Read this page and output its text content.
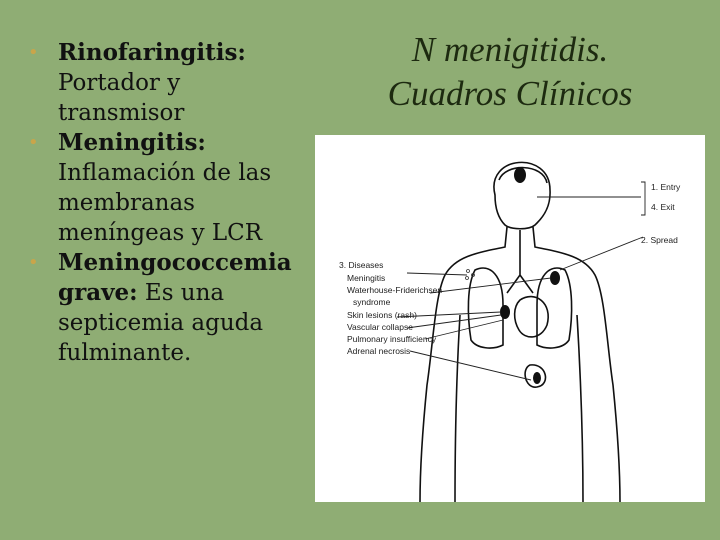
N menigitidis.
Cuadros Clínicos
• Rinofaringitis: Portador y transmisor
• Meningitis: Inflamación de las membranas meníngeas y LCR
• Meningococcemia grave: Es una septicemia aguda fulminante.
1. Entry
4. Exit
2. Spread
3. Diseases
Meningitis
Waterhouse-Friderichsen
syndrome
Skin lesions (rash)
Vascular collapse
Pulmonary insufficiency
Adrenal necrosis
